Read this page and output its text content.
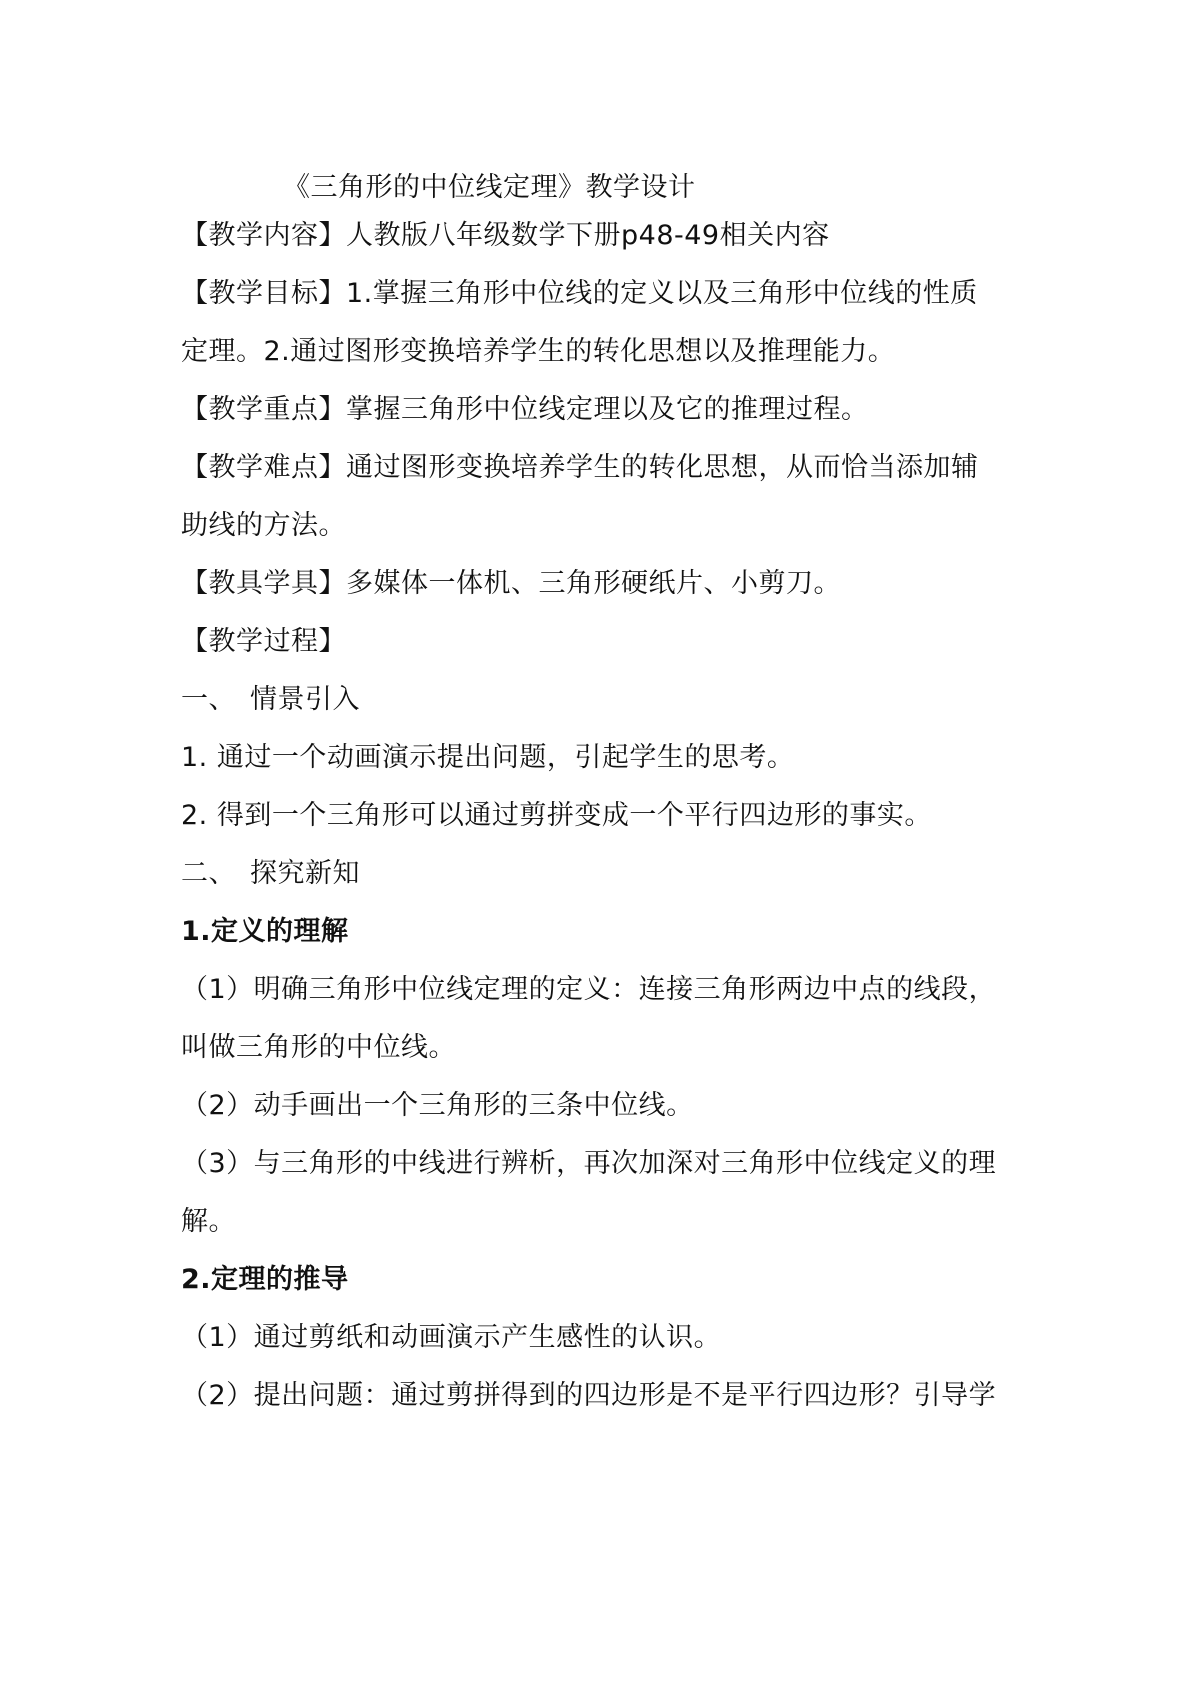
《三角形的中位线定理》教学设计
【教学内容】人教版八年级数学下册p48-49相关内容
【教学目标】1.掌握三角形中位线的定义以及三角形中位线的性质
定理。2.通过图形变换培养学生的转化思想以及推理能力。
【教学重点】掌握三角形中位线定理以及它的推理过程。
【教学难点】通过图形变换培养学生的转化思想，从而恰当添加辅
助线的方法。
【教具学具】多媒体一体机、三角形硬纸片、小剪刀。
【教学过程】
一、　情景引入
1. 通过一个动画演示提出问题，引起学生的思考。
2. 得到一个三角形可以通过剪拼变成一个平行四边形的事实。
二、　探究新知
1.定义的理解
（1）明确三角形中位线定理的定义：连接三角形两边中点的线段，
叫做三角形的中位线。
（2）动手画出一个三角形的三条中位线。
（3）与三角形的中线进行辨析，再次加深对三角形中位线定义的理
解。
2.定理的推导
（1）通过剪纸和动画演示产生感性的认识。
（2）提出问题：通过剪拼得到的四边形是不是平行四边形？引导学
